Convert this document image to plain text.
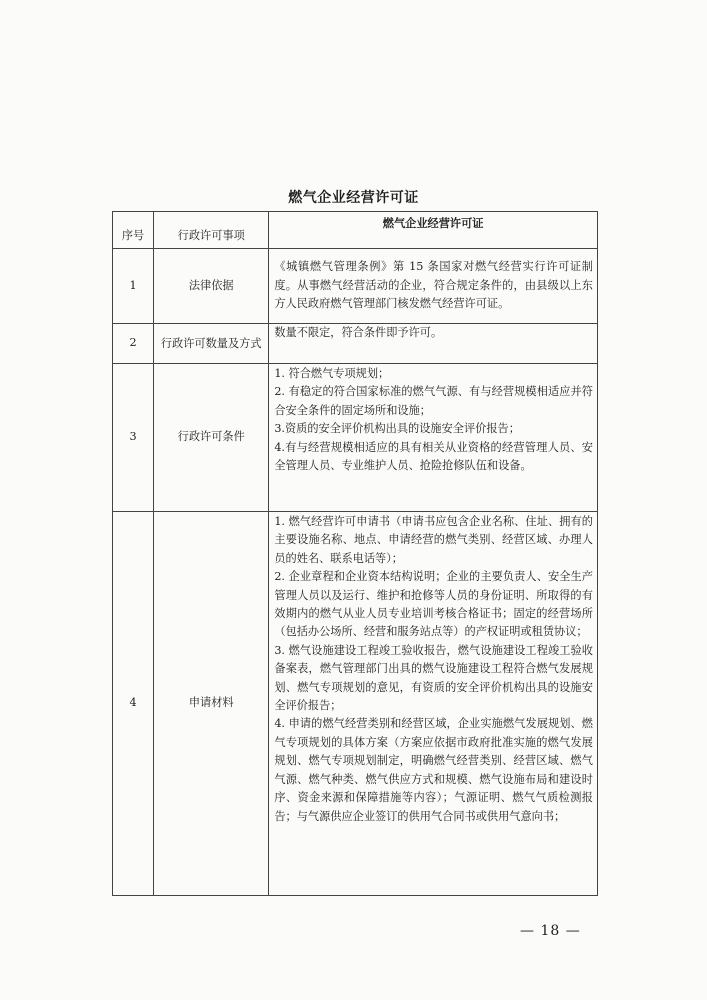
燃气企业经营许可证
序号	行政许可事项	燃气企业经营许可证
1	法律依据	《城镇燃气管理条例》第 15 条国家对燃气经营实行许可证制度。从事燃气经营活动的企业，符合规定条件的，由县级以上东方人民政府燃气管理部门核发燃气经营许可证。

2	行政许可数量及方式	数量不限定，符合条件即予许可。

3	行政许可条件	1. 符合燃气专项规划；

2. 有稳定的符合国家标准的燃气气源、有与经营规模相适应并符合安全条件的固定场所和设施；

3.资质的安全评价机构出具的设施安全评价报告；

4.有与经营规模相适应的具有相关从业资格的经营管理人员、安全管理人员、专业维护人员、抢险抢修队伍和设备。

4	申请材料	1. 燃气经营许可申请书（申请书应包含企业名称、住址、拥有的主要设施名称、地点、申请经营的燃气类别、经营区域、办理人员的姓名、联系电话等）；

2. 企业章程和企业资本结构说明；企业的主要负责人、安全生产管理人员以及运行、维护和抢修等人员的身份证明、所取得的有效期内的燃气从业人员专业培训考核合格证书；固定的经营场所（包括办公场所、经营和服务站点等）的产权证明或租赁协议；

3. 燃气设施建设工程竣工验收报告，燃气设施建设工程竣工验收备案表，燃气管理部门出具的燃气设施建设工程符合燃气发展规划、燃气专项规划的意见，有资质的安全评价机构出具的设施安全评价报告；

4. 申请的燃气经营类别和经营区域，企业实施燃气发展规划、燃气专项规划的具体方案（方案应依据市政府批准实施的燃气发展规划、燃气专项规划制定，明确燃气经营类别、经营区域、燃气气源、燃气种类、燃气供应方式和规模、燃气设施布局和建设时序、资金来源和保障措施等内容）；气源证明、燃气气质检测报告；与气源供应企业签订的供用气合同书或供用气意向书；

— 18 —
